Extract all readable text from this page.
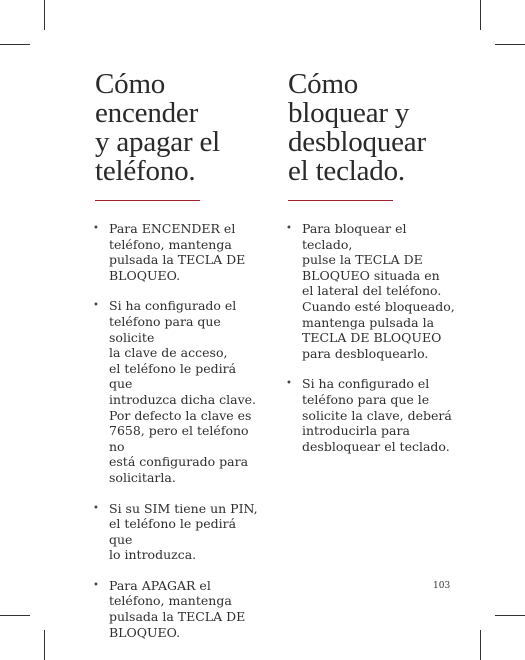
Cómo
encender
y apagar el
teléfono.
• Para ENCENDER el
teléfono, mantenga
pulsada la TECLA DE
BLOQUEO.
• Si ha configurado el
teléfono para que solicite
la clave de acceso,
el teléfono le pedirá que
introduzca dicha clave.
Por defecto la clave es
7658, pero el teléfono no
está configurado para
solicitarla.
• Si su SIM tiene un PIN,
el teléfono le pedirá que
lo introduzca.
• Para APAGAR el
teléfono, mantenga
pulsada la TECLA DE
BLOQUEO.
Cómo
bloquear y
desbloquear
el teclado.
• Para bloquear el teclado,
pulse la TECLA DE
BLOQUEO situada en
el lateral del teléfono.
Cuando esté bloqueado,
mantenga pulsada la
TECLA DE BLOQUEO
para desbloquearlo.
• Si ha configurado el
teléfono para que le
solicite la clave, deberá
introducirla para
desbloquear el teclado.
103
